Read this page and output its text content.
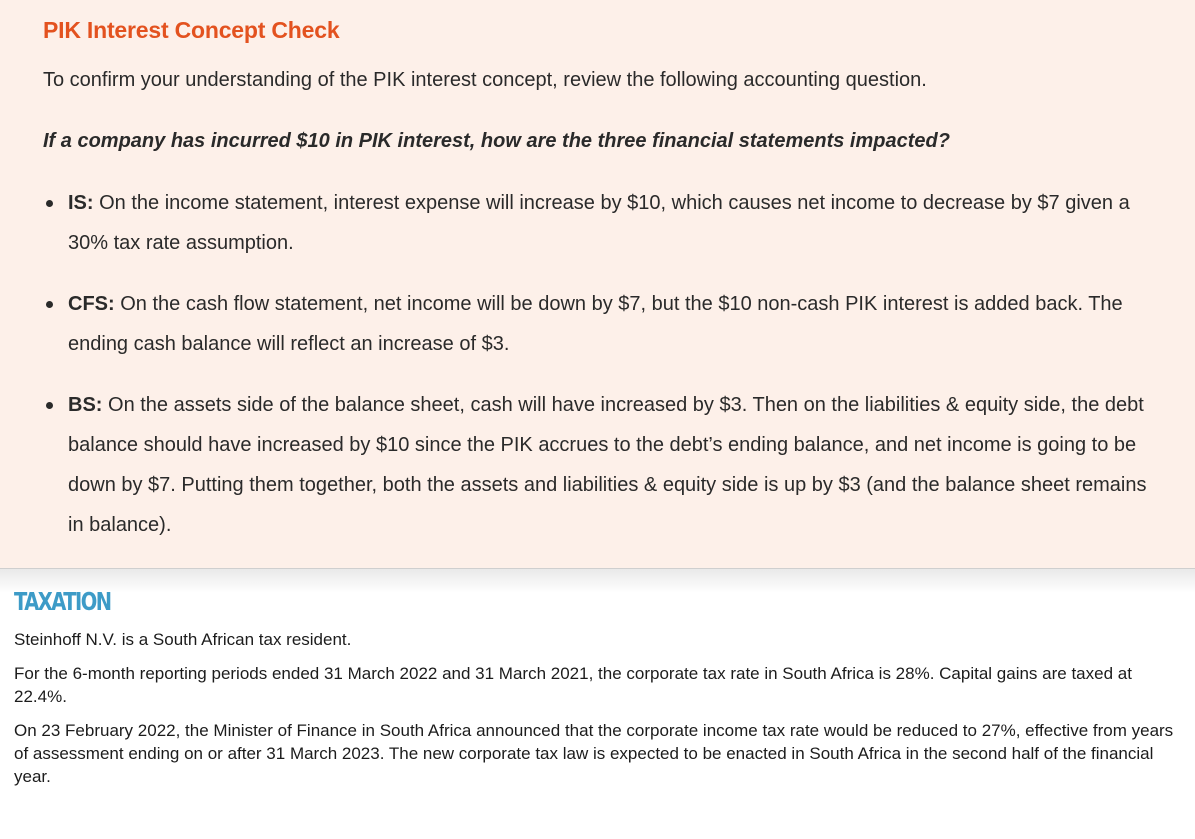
PIK Interest Concept Check

To confirm your understanding of the PIK interest concept, review the following accounting question.

If a company has incurred $10 in PIK interest, how are the three financial statements impacted?

IS: On the income statement, interest expense will increase by $10, which causes net income to decrease by $7 given a 30% tax rate assumption.
CFS: On the cash flow statement, net income will be down by $7, but the $10 non-cash PIK interest is added back. The ending cash balance will reflect an increase of $3.
BS: On the assets side of the balance sheet, cash will have increased by $3. Then on the liabilities & equity side, the debt balance should have increased by $10 since the PIK accrues to the debt’s ending balance, and net income is going to be down by $7. Putting them together, both the assets and liabilities & equity side is up by $3 (and the balance sheet remains in balance).
TAXATION

Steinhoff N.V. is a South African tax resident.

For the 6-month reporting periods ended 31 March 2022 and 31 March 2021, the corporate tax rate in South Africa is 28%. Capital gains are taxed at 22.4%.

On 23 February 2022, the Minister of Finance in South Africa announced that the corporate income tax rate would be reduced to 27%, effective from years of assessment ending on or after 31 March 2023. The new corporate tax law is expected to be enacted in South Africa in the second half of the financial year.
